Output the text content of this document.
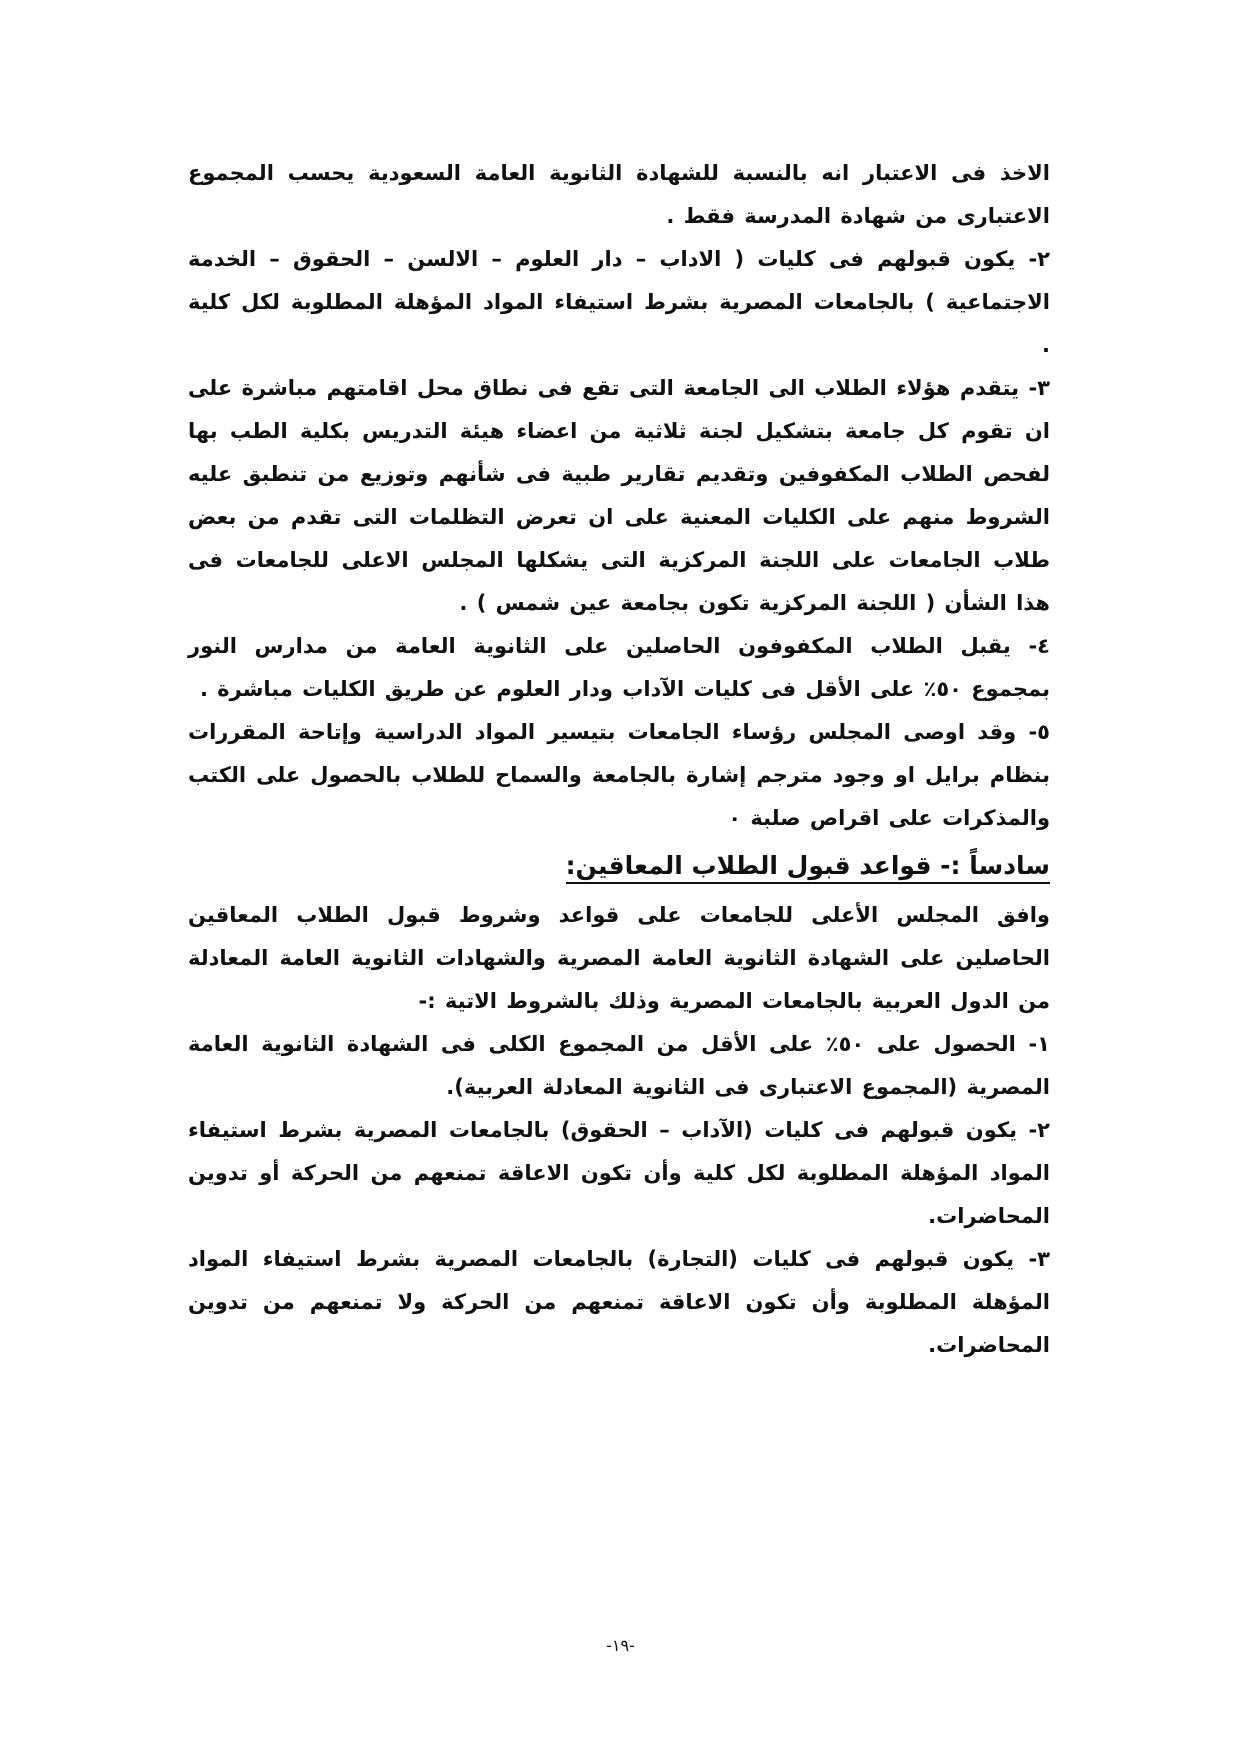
الاخذ فى الاعتبار انه بالنسبة للشهادة الثانوية العامة السعودية يحسب المجموع الاعتبارى من شهادة المدرسة فقط .

٢- يكون قبولهم فى كليات ( الاداب – دار العلوم – الالسن – الحقوق – الخدمة الاجتماعية ) بالجامعات المصرية بشرط استيفاء المواد المؤهلة المطلوبة لكل كلية .

٣- يتقدم هؤلاء الطلاب الى الجامعة التى تقع فى نطاق محل اقامتهم مباشرة على ان تقوم كل جامعة بتشكيل لجنة ثلاثية من اعضاء هيئة التدريس بكلية الطب بها لفحص الطلاب المكفوفين وتقديم تقارير طبية فى شأنهم وتوزيع من تنطبق عليه الشروط منهم على الكليات المعنية على ان تعرض التظلمات التى تقدم من بعض طلاب الجامعات على اللجنة المركزية التى يشكلها المجلس الاعلى للجامعات فى هذا الشأن ( اللجنة المركزية تكون بجامعة عين شمس ) .

٤- يقبل الطلاب المكفوفون الحاصلين على الثانوية العامة من مدارس النور بمجموع ٥٠٪ على الأقل فى كليات الآداب ودار العلوم عن طريق الكليات مباشرة .

٥- وقد اوصى المجلس رؤساء الجامعات بتيسير المواد الدراسية وإتاحة المقررات بنظام برايل او وجود مترجم إشارة بالجامعة والسماح للطلاب بالحصول على الكتب والمذكرات على اقراص صلبة ٠

سادساً :- قواعد قبول الطلاب المعاقين:

وافق المجلس الأعلى للجامعات على قواعد وشروط قبول الطلاب المعاقين الحاصلين على الشهادة الثانوية العامة المصرية والشهادات الثانوية العامة المعادلة من الدول العربية بالجامعات المصرية وذلك بالشروط الاتية :-

١- الحصول على ٥٠٪ على الأقل من المجموع الكلى فى الشهادة الثانوية العامة المصرية (المجموع الاعتبارى فى الثانوية المعادلة العربية).

٢- يكون قبولهم فى كليات (الآداب – الحقوق) بالجامعات المصرية بشرط استيفاء المواد المؤهلة المطلوبة لكل كلية وأن تكون الاعاقة تمنعهم من الحركة أو تدوين المحاضرات.

٣- يكون قبولهم فى كليات (التجارة) بالجامعات المصرية بشرط استيفاء المواد المؤهلة المطلوبة وأن تكون الاعاقة تمنعهم من الحركة ولا تمنعهم من تدوين المحاضرات.

-١٩-
